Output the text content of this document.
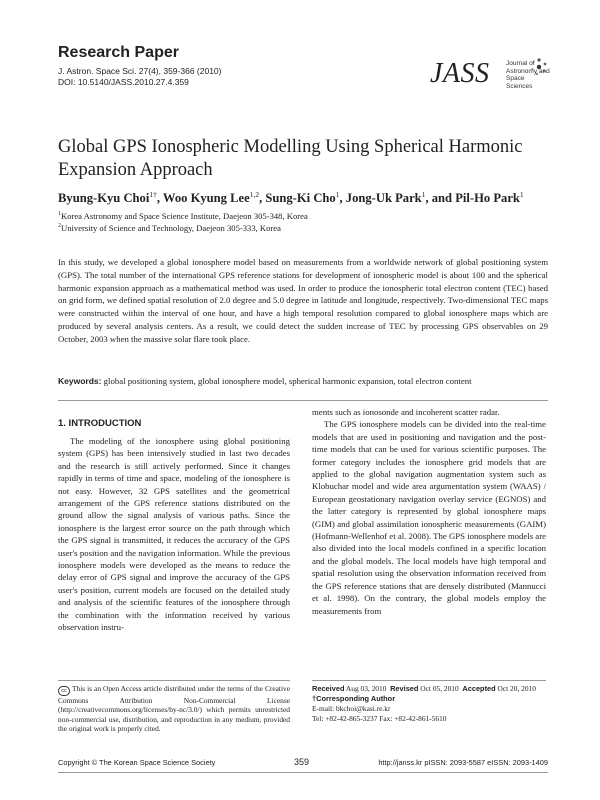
Research Paper
J. Astron. Space Sci. 27(4), 359-366 (2010)
DOI: 10.5140/JASS.2010.27.4.359	JASS	Journal of
Astronomy and
Space Sciences
Global GPS Ionospheric Modelling Using Spherical Harmonic Expansion Approach
Byung-Kyu Choi$^{1\dagger}$, Woo Kyung Lee$^{1,2}$, Sung-Ki Cho$^1$, Jong-Uk Park$^1$, and Pil-Ho Park$^1$
$^1$Korea Astronomy and Space Science Institute, Daejeon 305-348, Korea
$^2$University of Science and Technology, Daejeon 305-333, Korea
In this study, we developed a global ionosphere model based on measurements from a worldwide network of global positioning system (GPS). The total number of the international GPS reference stations for development of ionospheric model is about 100 and the spherical harmonic expansion approach as a mathematical method was used. In order to produce the ionospheric total electron content (TEC) based on grid form, we defined spatial resolution of 2.0 degree and 5.0 degree in latitude and longitude, respectively. Two-dimensional TEC maps were constructed within the interval of one hour, and have a high temporal resolution compared to global ionosphere maps which are produced by several analysis centers. As a result, we could detect the sudden increase of TEC by processing GPS observables on 29 October, 2003 when the massive solar flare took place.
Keywords: global positioning system, global ionosphere model, spherical harmonic expansion, total electron content
1. INTRODUCTION

The modeling of the ionosphere using global positioning system (GPS) has been intensively studied in last two decades and the research is still actively performed. Since it changes rapidly in terms of time and space, modeling of the ionosphere is not easy. However, 32 GPS satellites and the geometrical arrangement of the GPS reference stations distributed on the ground allow the signal analysis of various paths. Since the ionosphere is the largest error source on the path through which the GPS signal is transmitted, it reduces the accuracy of the GPS user's position and the navigation information. While the previous ionosphere models were developed as the means to reduce the delay error of GPS signal and improve the accuracy of the GPS user's position, current models are focused on the detailed study and analysis of the scientific features of the ionosphere through the combination with the information received by various observation instru-

ments such as ionosonde and incoherent scatter radar.

The GPS ionosphere models can be divided into the real-time models that are used in positioning and navigation and the post-time models that can be used for various scientific purposes. The former category includes the ionosphere grid models that are applied to the global navigation augmentation system such as Klobuchar model and wide area argumentation system (WAAS) / European geostationary navigation overlay service (EGNOS) and the latter category is represented by global ionosphere maps (GIM) and global assimilation ionospheric measurements (GAIM) (Hofmann-Wellenhof et al. 2008). The GPS ionosphere models are also divided into the local models confined in a specific location and the global models. The local models have high temporal and spatial resolution using the observation information received from the GPS reference stations that are densely distributed (Mannucci et al. 1998). On the contrary, the global models employ the measurements from

cc This is an Open Access article distributed under the terms of the Creative Commons Attribution Non-Commercial License (http://creativecommons.org/licenses/by-nc/3.0/) which permits unrestricted non-commercial use, distribution, and reproduction in any medium, provided the original work is properly cited.
Received Aug 03, 2010 Revised Oct 05, 2010 Accepted Oct 20, 2010
†Corresponding Author
E-mail: bkchoi@kasi.re.kr
Tel: +82-42-865-3237 Fax: +82-42-861-5610
Copyright © The Korean Space Science Society	359	http://janss.kr pISSN: 2093-5587 eISSN: 2093-1409
